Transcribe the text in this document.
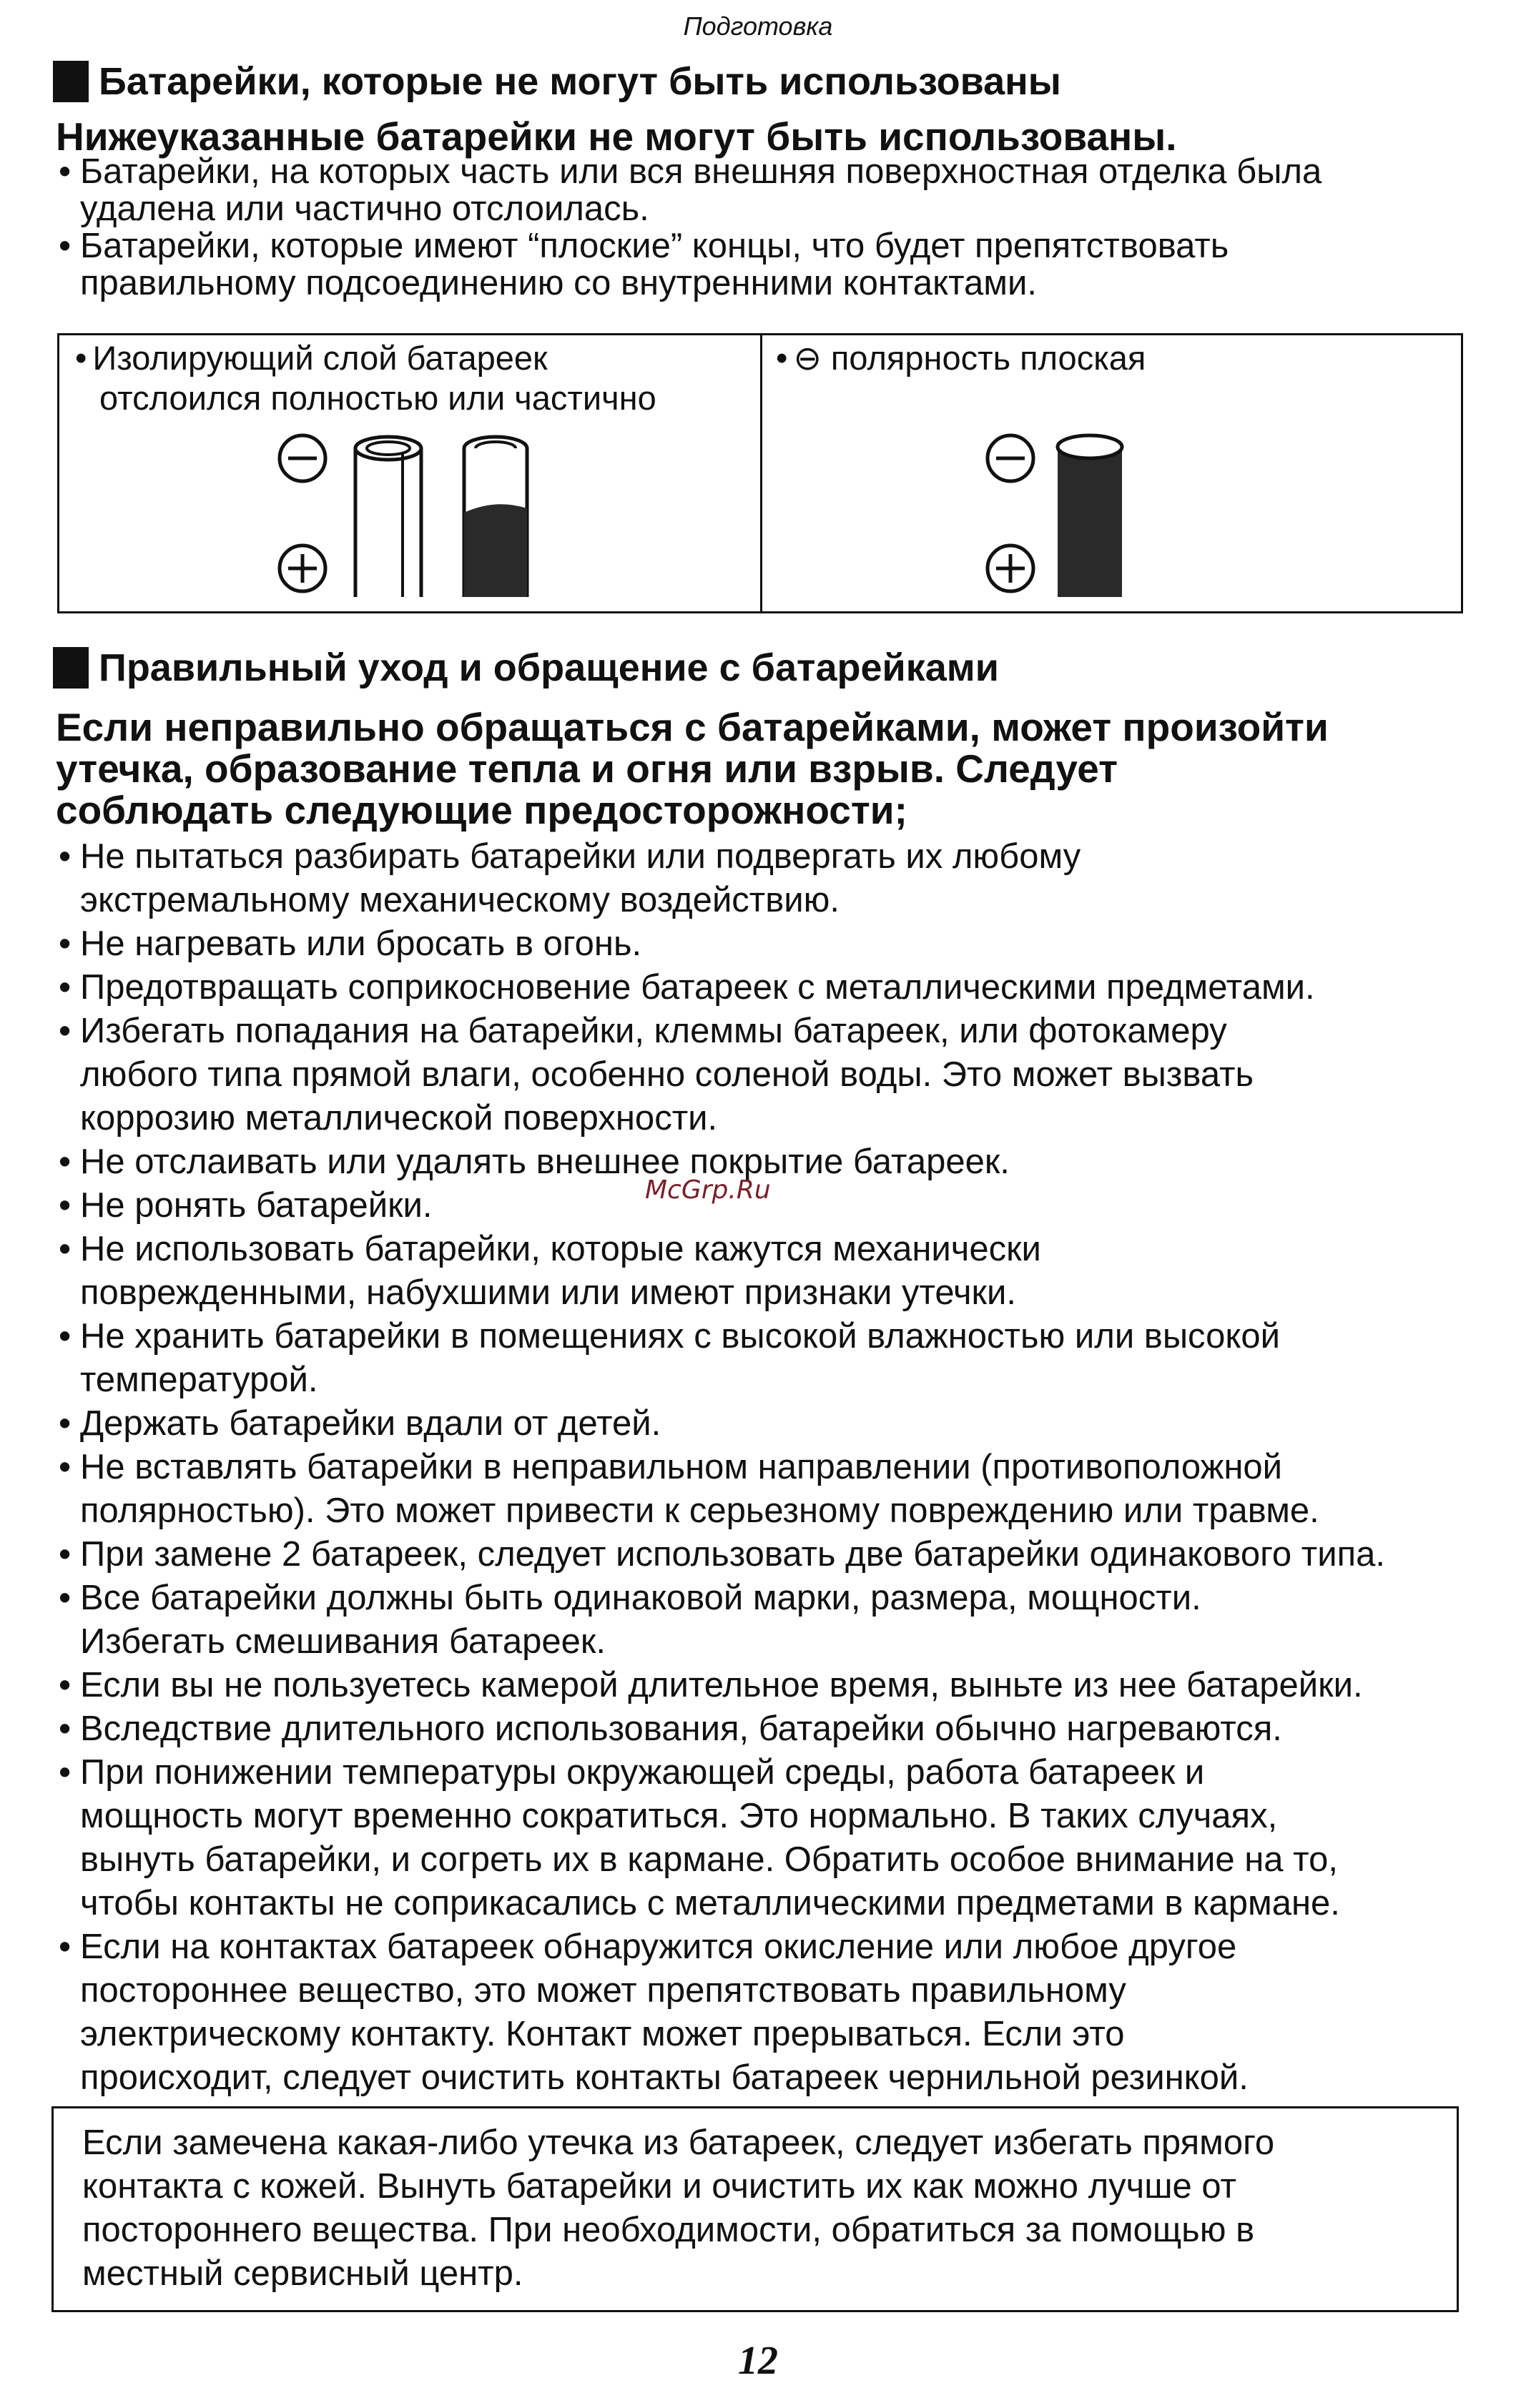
Подготовка
Батарейки, которые не могут быть использованы
Нижеуказанные батарейки не могут быть использованы.
• Батарейки, на которых часть или вся внешняя поверхностная отделка была
удалена или частично отслоилась.
• Батарейки, которые имеют “плоские” концы, что будет препятствовать
правильному подсоединению со внутренними контактами.
• Изолирующий слой батареек
отслоился полностью или частично
• ⊖ полярность плоская
Правильный уход и обращение с батарейками
Если неправильно обращаться с батарейками, может произойти
утечка, образование тепла и огня или взрыв. Следует
соблюдать следующие предосторожности;
• Не пытаться разбирать батарейки или подвергать их любому
экстремальному механическому воздействию.
• Не нагревать или бросать в огонь.
• Предотвращать соприкосновение батареек с металлическими предметами.
• Избегать попадания на батарейки, клеммы батареек, или фотокамеру
любого типа прямой влаги, особенно соленой воды. Это может вызвать
коррозию металлической поверхности.
• Не отслаивать или удалять внешнее покрытие батареек.
• Не ронять батарейки.
• Не использовать батарейки, которые кажутся механически
поврежденными, набухшими или имеют признаки утечки.
• Не хранить батарейки в помещениях с высокой влажностью или высокой
температурой.
• Держать батарейки вдали от детей.
• Не вставлять батарейки в неправильном направлении (противоположной
полярностью). Это может привести к серьезному повреждению или травме.
• При замене 2 батареек, следует использовать две батарейки одинакового типа.
• Все батарейки должны быть одинаковой марки, размера, мощности.
Избегать смешивания батареек.
• Если вы не пользуетесь камерой длительное время, выньте из нее батарейки.
• Вследствие длительного использования, батарейки обычно нагреваются.
• При понижении температуры окружающей среды, работа батареек и
мощность могут временно сократиться. Это нормально. В таких случаях,
вынуть батарейки, и согреть их в кармане. Обратить особое внимание на то,
чтобы контакты не соприкасались с металлическими предметами в кармане.
• Если на контактах батареек обнаружится окисление или любое другое
постороннее вещество, это может препятствовать правильному
электрическому контакту. Контакт может прерываться. Если это
происходит, следует очистить контакты батареек чернильной резинкой.
McGrp.Ru
Если замечена какая-либо утечка из батареек, следует избегать прямого
контакта с кожей. Вынуть батарейки и очистить их как можно лучше от
постороннего вещества. При необходимости, обратиться за помощью в
местный сервисный центр.
12
